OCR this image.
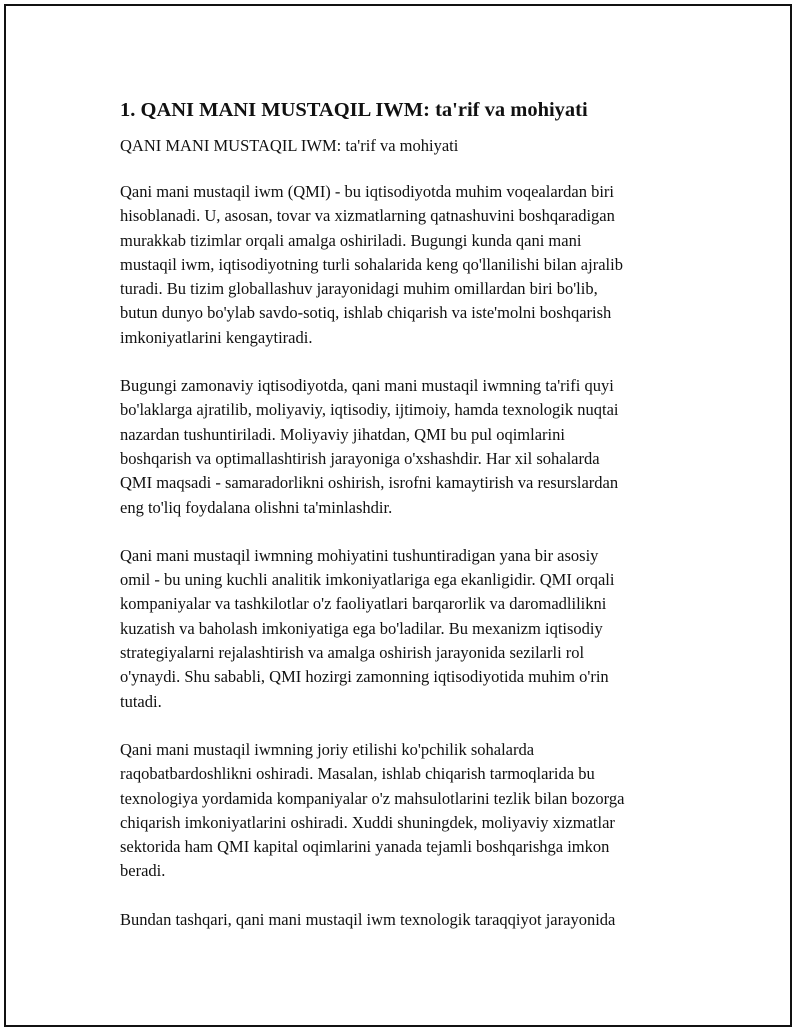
1. QANI MANI MUSTAQIL IWM: ta'rif va mohiyati
QANI MANI MUSTAQIL IWM: ta'rif va mohiyati
Qani mani mustaqil iwm (QMI) - bu iqtisodiyotda muhim voqealardan biri
hisoblanadi. U, asosan, tovar va xizmatlarning qatnashuvini boshqaradigan
murakkab tizimlar orqali amalga oshiriladi. Bugungi kunda qani mani
mustaqil iwm, iqtisodiyotning turli sohalarida keng qo'llanilishi bilan ajralib
turadi. Bu tizim globallashuv jarayonidagi muhim omillardan biri bo'lib,
butun dunyo bo'ylab savdo-sotiq, ishlab chiqarish va iste'molni boshqarish
imkoniyatlarini kengaytiradi.
Bugungi zamonaviy iqtisodiyotda, qani mani mustaqil iwmning ta'rifi quyi
bo'laklarga ajratilib, moliyaviy, iqtisodiy, ijtimoiy, hamda texnologik nuqtai
nazardan tushuntiriladi. Moliyaviy jihatdan, QMI bu pul oqimlarini
boshqarish va optimallashtirish jarayoniga o'xshashdir. Har xil sohalarda
QMI maqsadi - samaradorlikni oshirish, isrofni kamaytirish va resurslardan
eng to'liq foydalana olishni ta'minlashdir.
Qani mani mustaqil iwmning mohiyatini tushuntiradigan yana bir asosiy
omil - bu uning kuchli analitik imkoniyatlariga ega ekanligidir. QMI orqali
kompaniyalar va tashkilotlar o'z faoliyatlari barqarorlik va daromadlilikni
kuzatish va baholash imkoniyatiga ega bo'ladilar. Bu mexanizm iqtisodiy
strategiyalarni rejalashtirish va amalga oshirish jarayonida sezilarli rol
o'ynaydi. Shu sababli, QMI hozirgi zamonning iqtisodiyotida muhim o'rin
tutadi.
Qani mani mustaqil iwmning joriy etilishi ko'pchilik sohalarda
raqobatbardoshlikni oshiradi. Masalan, ishlab chiqarish tarmoqlarida bu
texnologiya yordamida kompaniyalar o'z mahsulotlarini tezlik bilan bozorga
chiqarish imkoniyatlarini oshiradi. Xuddi shuningdek, moliyaviy xizmatlar
sektorida ham QMI kapital oqimlarini yanada tejamli boshqarishga imkon
beradi.
Bundan tashqari, qani mani mustaqil iwm texnologik taraqqiyot jarayonida
